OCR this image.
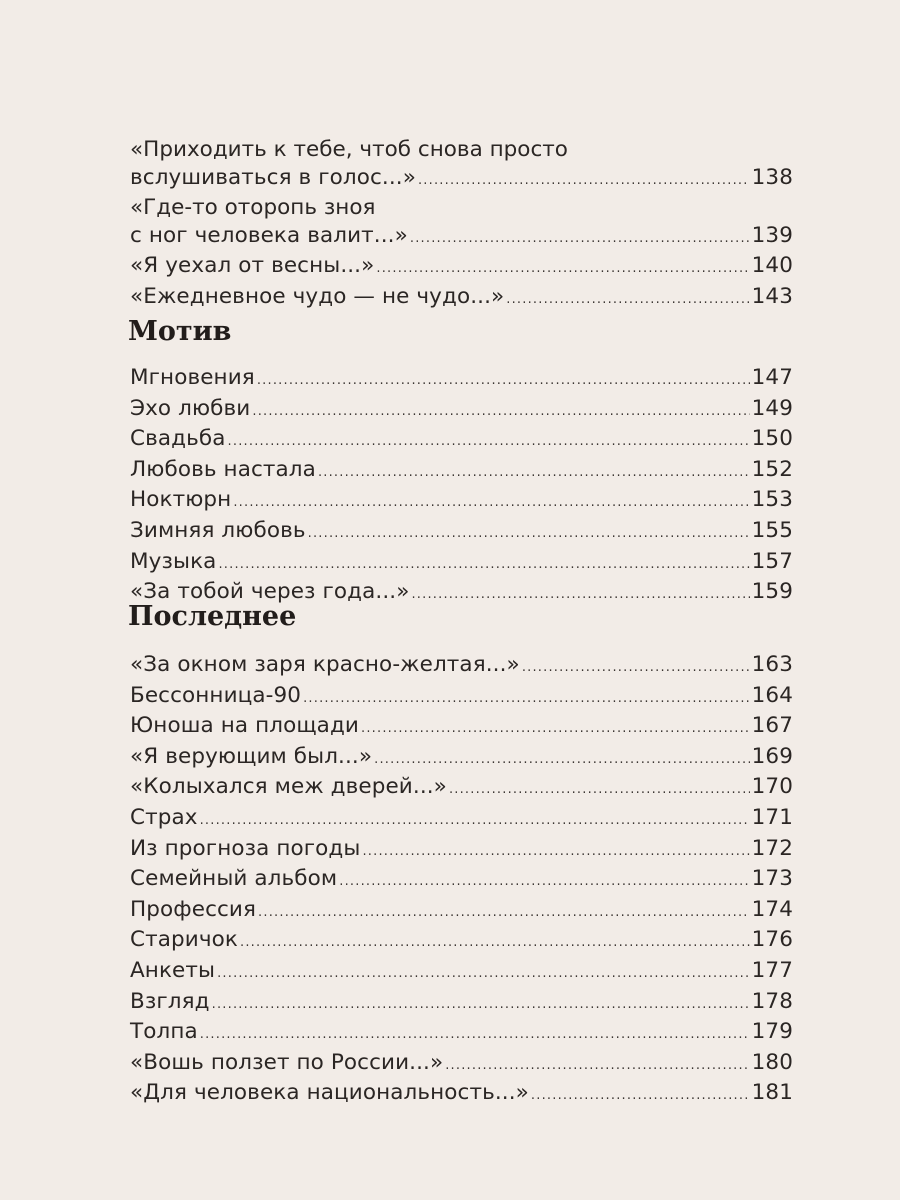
«Приходить к тебе, чтоб снова просто
вслушиваться в голос...» .....	138
«Где-то оторопь зноя
с ног человека валит...» .....	139
«Я уехал от весны...» .....	140
«Ежедневное чудо — не чудо...» .....	143
Мотив
Мгновения .....	147
Эхо любви .....	149
Свадьба .....	150
Любовь настала .....	152
Ноктюрн .....	153
Зимняя любовь .....	155
Музыка .....	157
«За тобой через года...» .....	159
Последнее
«За окном заря красно-желтая...» .....	163
Бессонница-90 .....	164
Юноша на площади .....	167
«Я верующим был...» .....	169
«Колыхался меж дверей...» .....	170
Страх .....	171
Из прогноза погоды .....	172
Семейный альбом .....	173
Профессия .....	174
Старичок .....	176
Анкеты .....	177
Взгляд .....	178
Толпа .....	179
«Вошь ползет по России...» .....	180
«Для человека национальность...» .....	181
